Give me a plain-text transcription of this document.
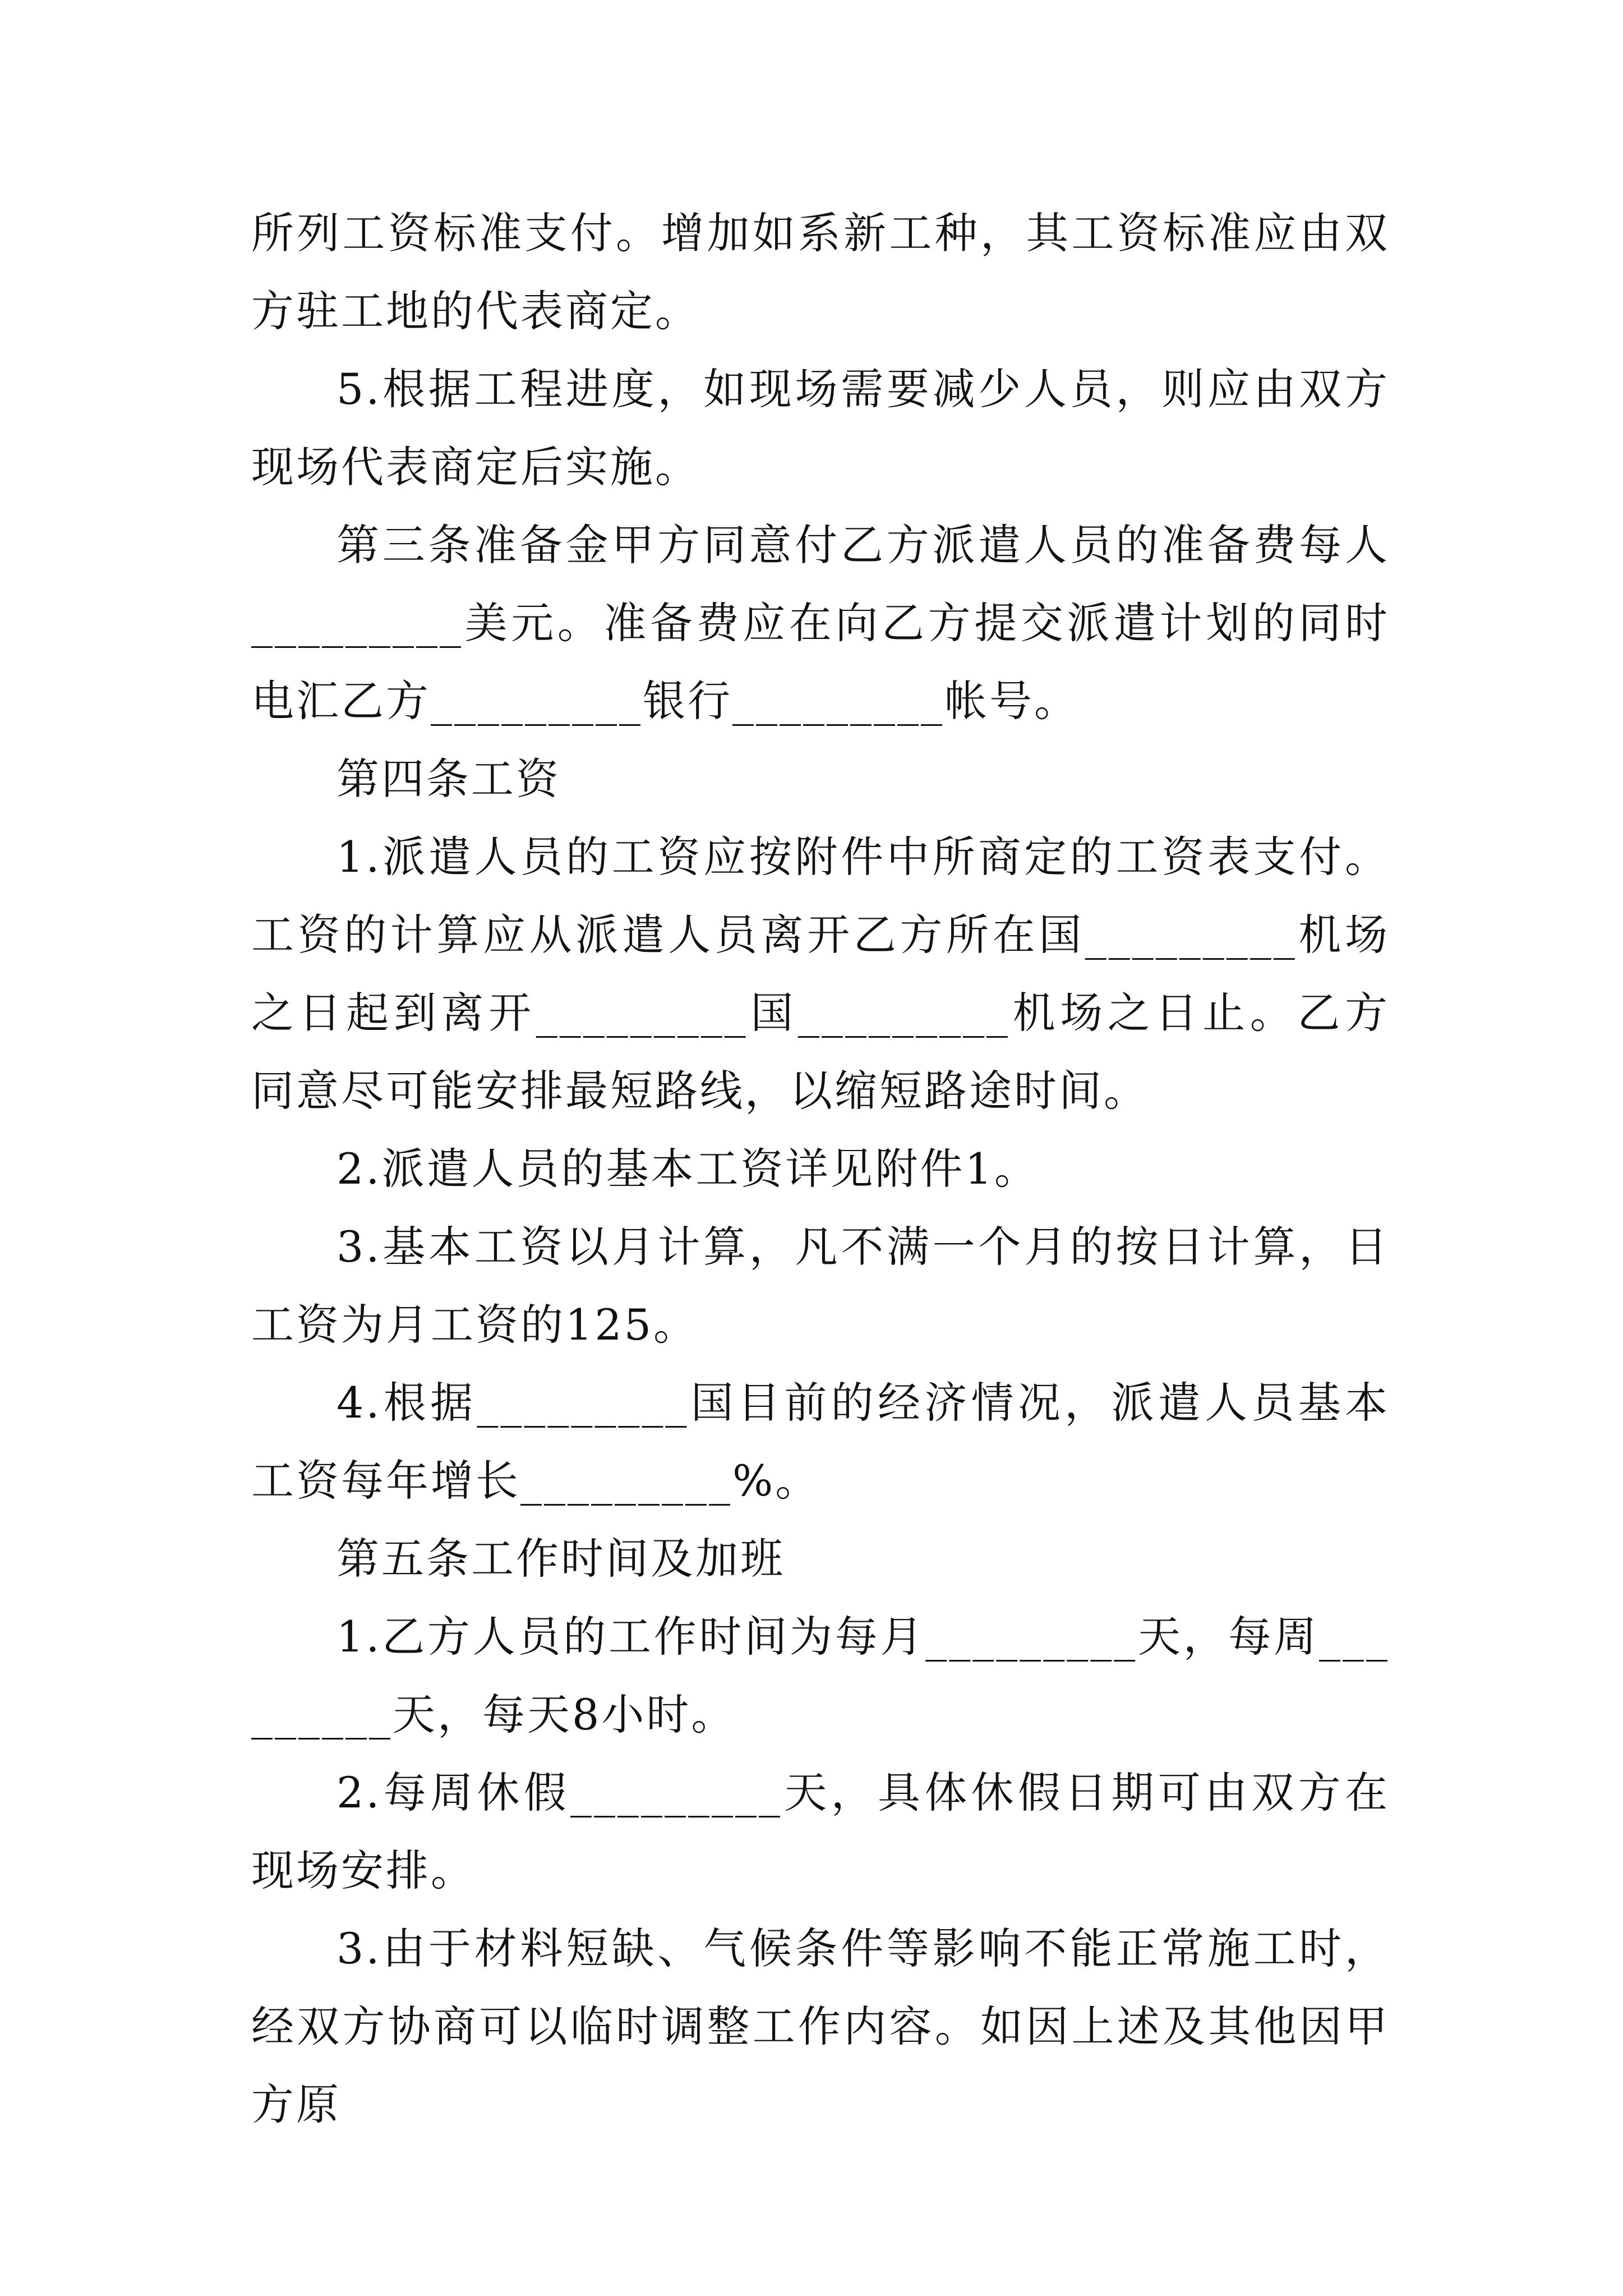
所列工资标准支付。增加如系新工种，其工资标准应由双方驻工地的代表商定。

5.根据工程进度，如现场需要减少人员，则应由双方现场代表商定后实施。

第三条准备金甲方同意付乙方派遣人员的准备费每人_________美元。准备费应在向乙方提交派遣计划的同时电汇乙方_________银行_________帐号。

第四条工资

1.派遣人员的工资应按附件中所商定的工资表支付。工资的计算应从派遣人员离开乙方所在国_________机场之日起到离开_________国_________机场之日止。乙方同意尽可能安排最短路线，以缩短路途时间。

2.派遣人员的基本工资详见附件1。

3.基本工资以月计算，凡不满一个月的按日计算，日工资为月工资的125。

4.根据_________国目前的经济情况，派遣人员基本工资每年增长_________%。

第五条工作时间及加班

1.乙方人员的工作时间为每月_________天，每周_________天，每天8小时。

2.每周休假_________天，具体休假日期可由双方在现场安排。

3.由于材料短缺、气候条件等影响不能正常施工时，经双方协商可以临时调整工作内容。如因上述及其他因甲方原
